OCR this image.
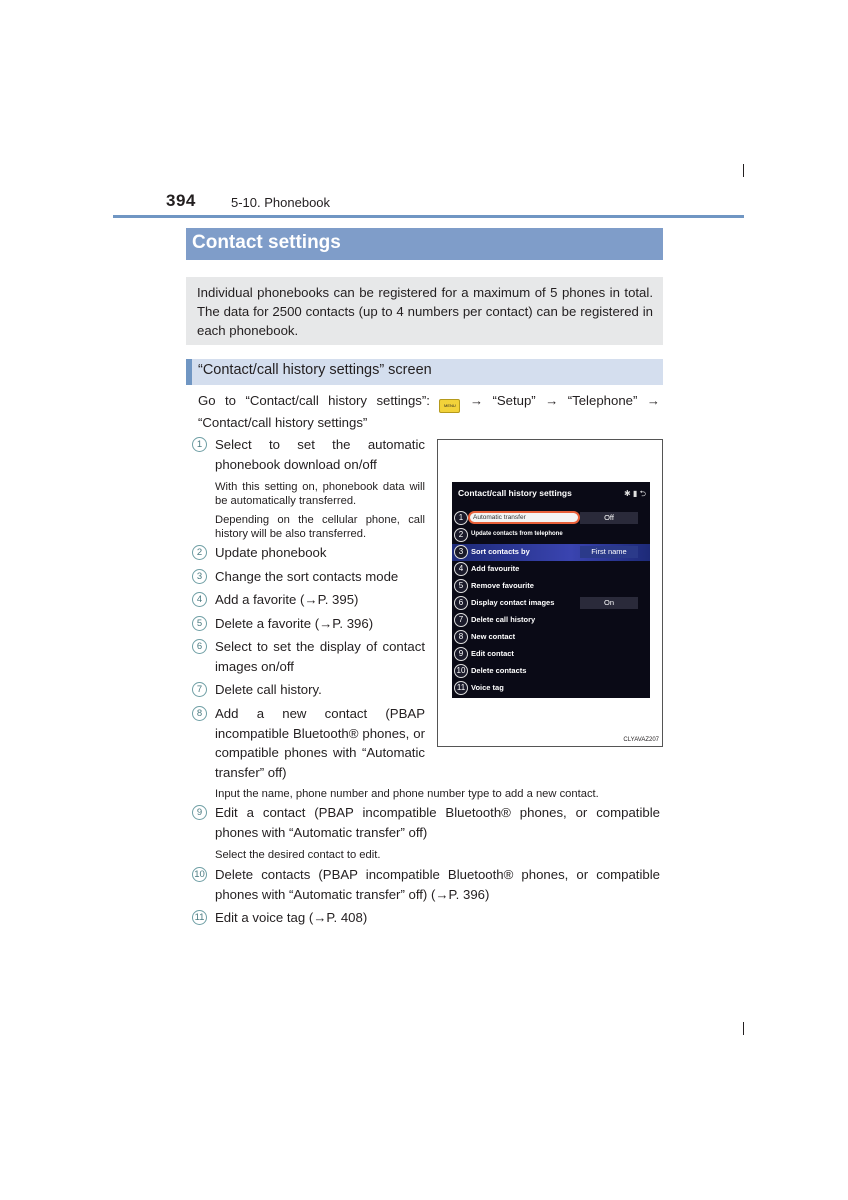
394	5-10. Phonebook
Contact settings
Individual phonebooks can be registered for a maximum of 5 phones in total. The data for 2500 contacts (up to 4 numbers per contact) can be registered in each phonebook.
“Contact/call history settings” screen
Go to “Contact/call history settings”: MENU → “Setup” → “Telephone” → “Contact/call history settings”
1 Select to set the automatic phonebook download on/off
With this setting on, phonebook data will be automatically transferred.
Depending on the cellular phone, call history will be also transferred.
2 Update phonebook
3 Change the sort contacts mode
4 Add a favorite (→P. 395)
5 Delete a favorite (→P. 396)
6 Select to set the display of contact images on/off
7 Delete call history.
8 Add a new contact (PBAP incompatible Bluetooth® phones, or compatible phones with “Automatic transfer” off)
Input the name, phone number and phone number type to add a new contact.
9 Edit a contact (PBAP incompatible Bluetooth® phones, or compatible phones with “Automatic transfer” off)
Select the desired contact to edit.
10 Delete contacts (PBAP incompatible Bluetooth® phones, or compatible phones with “Automatic transfer” off) (→P. 396)
11 Edit a voice tag (→P. 408)
Contact/call history settings	✱ ▮ ⮌
1	Automatic transfer	Off
2	Update contacts from telephone
3	Sort contacts by	First name
4	Add favourite
5	Remove favourite
6	Display contact images	On
7	Delete call history
8	New contact
9	Edit contact
10 Delete contacts
11 Voice tag
CLYAVAZ207
